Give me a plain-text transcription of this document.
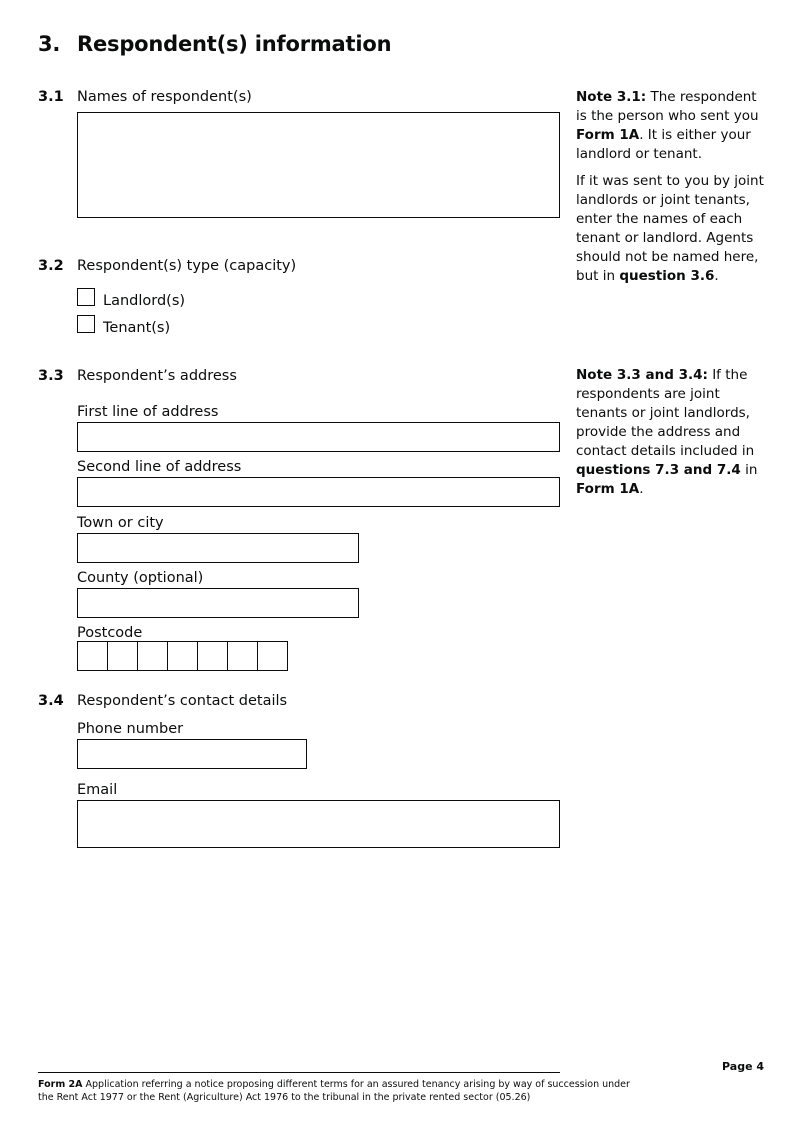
3. Respondent(s) information
3.1 Names of respondent(s)
3.2 Respondent(s) type (capacity)
Landlord(s)
Tenant(s)
3.3 Respondent’s address
First line of address
Second line of address
Town or city
County (optional)
Postcode
3.4 Respondent’s contact details
Phone number
Email

Note 3.1: The respondent is the person who sent you Form 1A. It is either your landlord or tenant.

If it was sent to you by joint landlords or joint tenants, enter the names of each tenant or landlord. Agents should not be named here, but in question 3.6.

Note 3.3 and 3.4: If the respondents are joint tenants or joint landlords, provide the address and contact details included in questions 7.3 and 7.4 in Form 1A.

Page 4
Form 2A Application referring a notice proposing different terms for an assured tenancy arising by way of succession under the Rent Act 1977 or the Rent (Agriculture) Act 1976 to the tribunal in the private rented sector (05.26)
